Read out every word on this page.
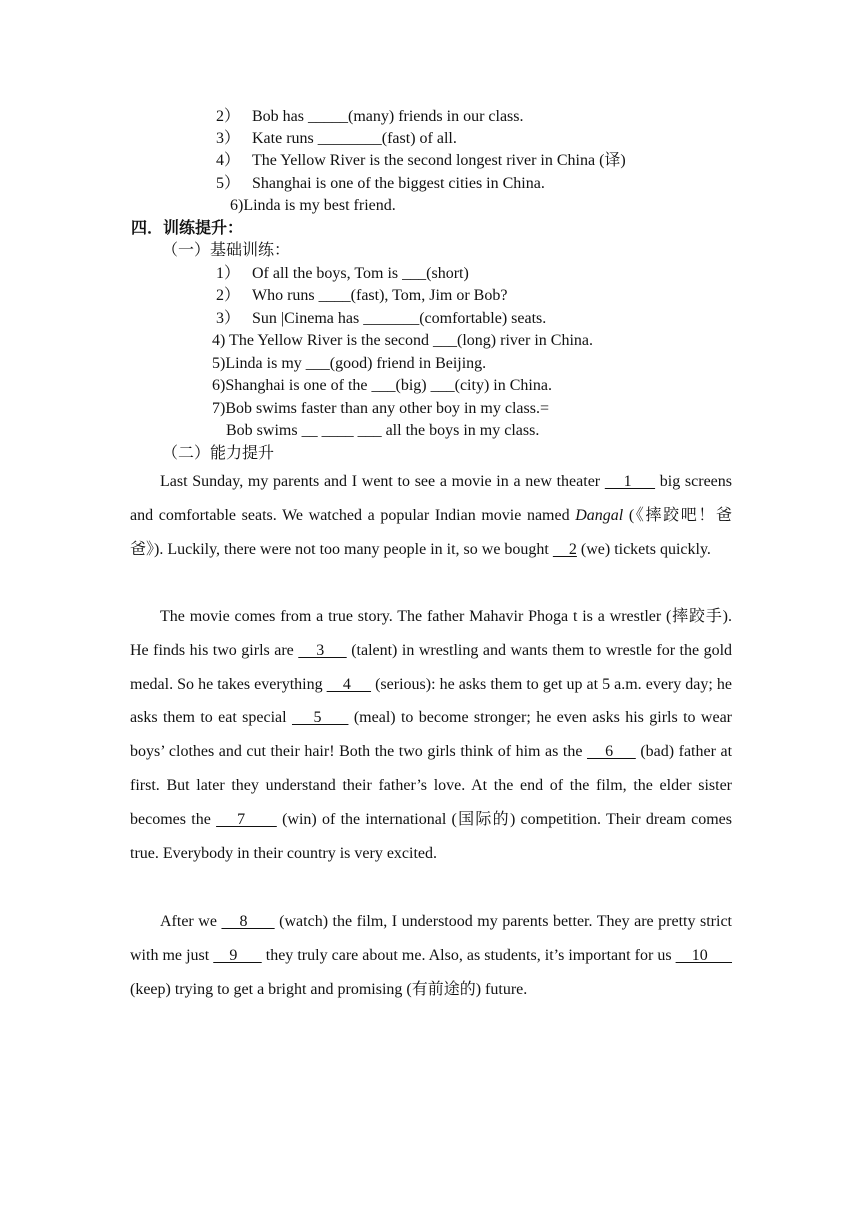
2） Bob has _____(many) friends in our class.
3） Kate runs ________(fast) of all.
4） The Yellow River is the second longest river in China (译)
5） Shanghai is one of the biggest cities in China.
6)Linda is my best friend.
四．训练提升：
（一）基础训练：
1） Of all the boys, Tom is ___(short)
2） Who runs ____(fast), Tom, Jim or Bob?
3） Sun |Cinema has _______(comfortable) seats.
4) The Yellow River is the second ___(long) river in China.
5)Linda is my ___(good) friend in Beijing.
6)Shanghai is one of the ___(big) ___(city) in China.
7)Bob swims faster than any other boy in my class.=
Bob swims __ ____ ___ all the boys in my class.
（二）能力提升
Last Sunday, my parents and I went to see a movie in a new theater     1      big screens and comfortable seats. We watched a popular Indian movie named Dangal (《摔跤吧！爸爸》). Luckily, there were not too many people in it, so we bought     2 (we) tickets quickly.
The movie comes from a true story. The father Mahavir Phoga t is a wrestler (摔跤手). He finds his two girls are     3      (talent) in wrestling and wants them to wrestle for the gold medal. So he takes everything     4      (serious): he asks them to get up at 5 a.m. every day; he asks them to eat special     5      (meal) to become stronger; he even asks his girls to wear boys’ clothes and cut their hair! Both the two girls think of him as the     6      (bad) father at first. But later they understand their father’s love. At the end of the film, the elder sister becomes the     7       (win) of the international (国际的) competition. Their dream comes true. Everybody in their country is very excited.
After we     8       (watch) the film, I understood my parents better. They are pretty strict with me just     9       they truly care about me. Also, as students, it’s important for us     10       (keep) trying to get a bright and promising (有前途的) future.
